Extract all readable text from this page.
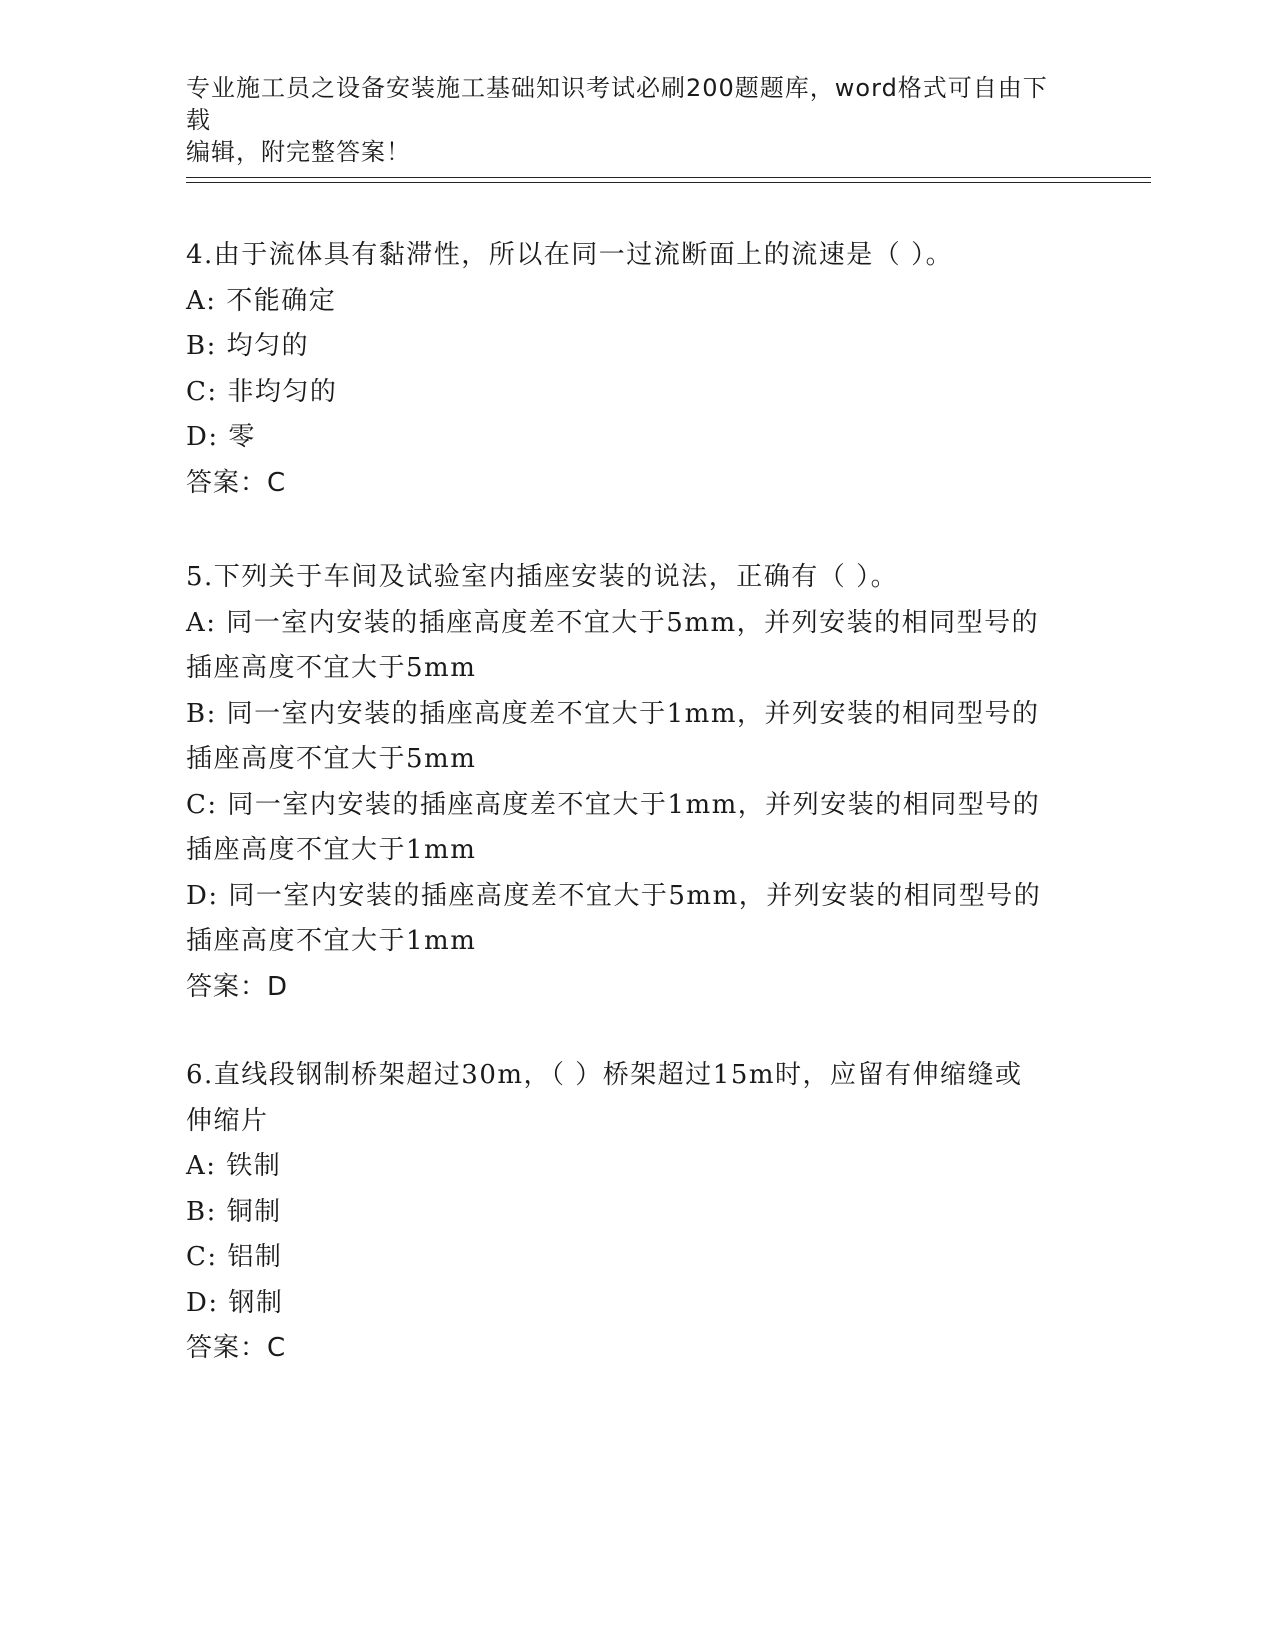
专业施工员之设备安装施工基础知识考试必刷200题题库，word格式可自由下载
编辑，附完整答案！
4.由于流体具有黏滞性，所以在同一过流断面上的流速是（ ）。
A: 不能确定
B: 均匀的
C: 非均匀的
D: 零
答案：C
5.下列关于车间及试验室内插座安装的说法，正确有（ ）。
A: 同一室内安装的插座高度差不宜大于5mm，并列安装的相同型号的
插座高度不宜大于5mm
B: 同一室内安装的插座高度差不宜大于1mm，并列安装的相同型号的
插座高度不宜大于5mm
C: 同一室内安装的插座高度差不宜大于1mm，并列安装的相同型号的
插座高度不宜大于1mm
D: 同一室内安装的插座高度差不宜大于5mm，并列安装的相同型号的
插座高度不宜大于1mm
答案：D
6.直线段钢制桥架超过30m，（ ）桥架超过15m时，应留有伸缩缝或
伸缩片
A: 铁制
B: 铜制
C: 铝制
D: 钢制
答案：C
